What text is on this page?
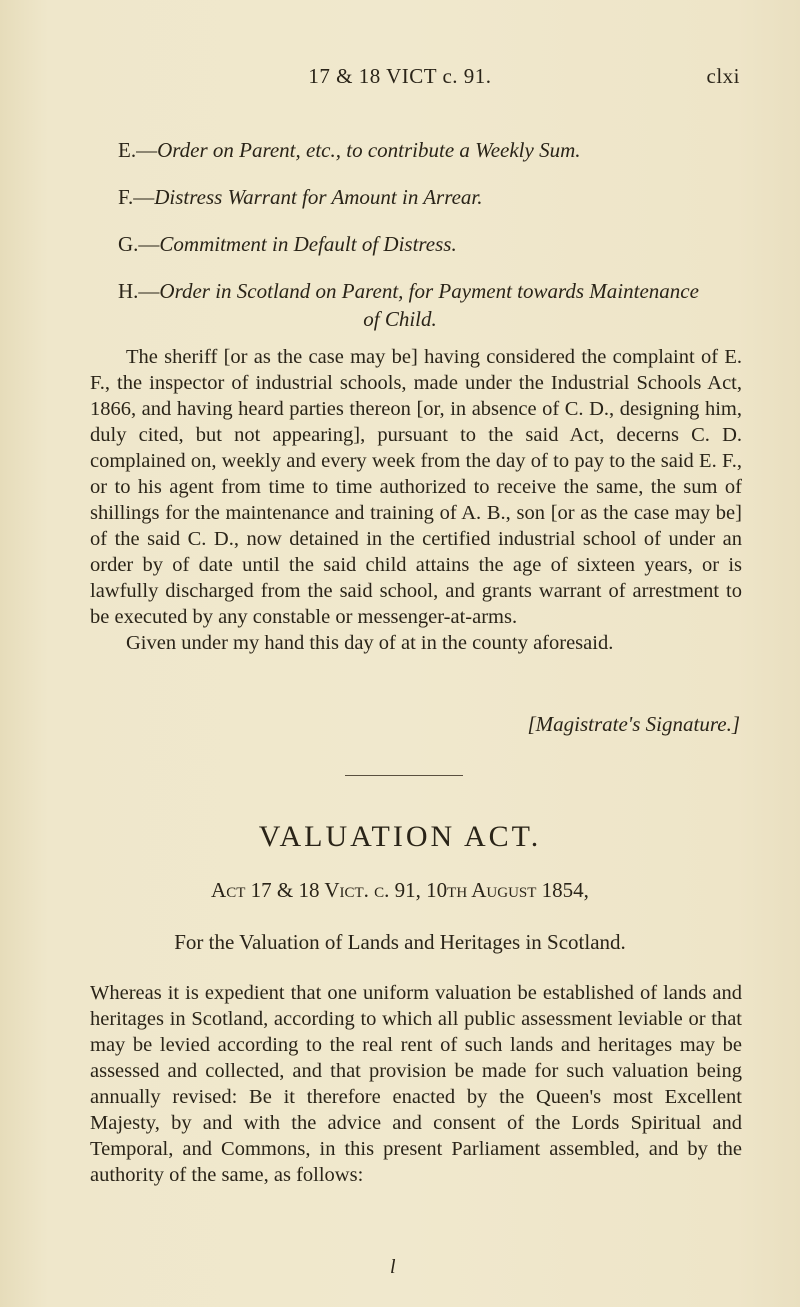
17 & 18 VICT c. 91.	clxi
E.—Order on Parent, etc., to contribute a Weekly Sum.
F.—Distress Warrant for Amount in Arrear.
G.—Commitment in Default of Distress.
H.—Order in Scotland on Parent, for Payment towards Maintenance
of Child.

The sheriff [or as the case may be] having considered the complaint of E. F., the inspector of industrial schools, made under the Industrial Schools Act, 1866, and having heard parties thereon [or, in absence of C. D., designing him, duly cited, but not appearing], pursuant to the said Act, decerns C. D. complained on, weekly and every week from the day of to pay to the said E. F., or to his agent from time to time authorized to receive the same, the sum of shillings for the maintenance and training of A. B., son [or as the case may be] of the said C. D., now detained in the certified industrial school of under an order by of date until the said child attains the age of sixteen years, or is lawfully discharged from the said school, and grants warrant of arrestment to be executed by any constable or messenger-at-arms.

Given under my hand this day of at in the county aforesaid.

[Magistrate's Signature.]
VALUATION ACT.
Act 17 & 18 Vict. c. 91, 10th August 1854,
For the Valuation of Lands and Heritages in Scotland.

Whereas it is expedient that one uniform valuation be established of lands and heritages in Scotland, according to which all public assessment leviable or that may be levied according to the real rent of such lands and heritages may be assessed and collected, and that provision be made for such valuation being annually revised: Be it therefore enacted by the Queen's most Excellent Majesty, by and with the advice and consent of the Lords Spiritual and Temporal, and Commons, in this present Parliament assembled, and by the authority of the same, as follows:

l
